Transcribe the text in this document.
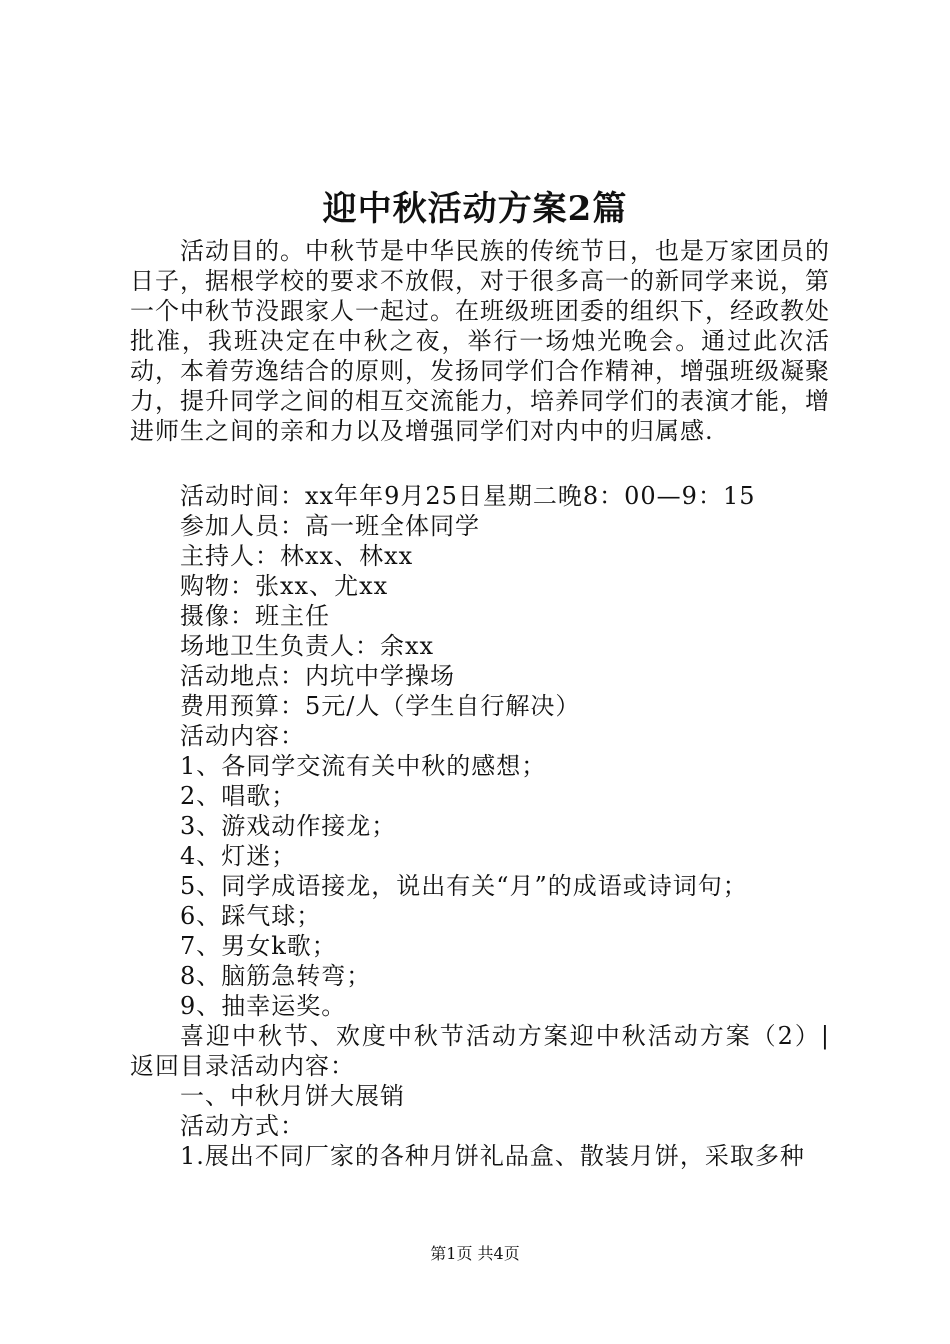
迎中秋活动方案2篇

活动目的。中秋节是中华民族的传统节日，也是万家团员的日子，据根学校的要求不放假，对于很多高一的新同学来说，第一个中秋节没跟家人一起过。在班级班团委的组织下，经政教处批准，我班决定在中秋之夜，举行一场烛光晚会。通过此次活动，本着劳逸结合的原则，发扬同学们合作精神，增强班级凝聚力，提升同学之间的相互交流能力，培养同学们的表演才能，增进师生之间的亲和力以及增强同学们对内中的归属感.

活动时间：xx年年9月25日星期二晚8：00—9：15
参加人员：高一班全体同学
主持人：林xx、林xx
购物：张xx、尤xx
摄像：班主任
场地卫生负责人：余xx
活动地点：内坑中学操场
费用预算：5元/人（学生自行解决）
活动内容：
1、各同学交流有关中秋的感想；
2、唱歌；
3、游戏动作接龙；
4、灯迷；
5、同学成语接龙，说出有关“月”的成语或诗词句；
6、踩气球；
7、男女k歌；
8、脑筋急转弯；
9、抽幸运奖。

喜迎中秋节、欢度中秋节活动方案迎中秋活动方案（2）|返回目录活动内容：

一、中秋月饼大展销
活动方式：
1.展出不同厂家的各种月饼礼品盒、散装月饼，采取多种
第1页 共4页
